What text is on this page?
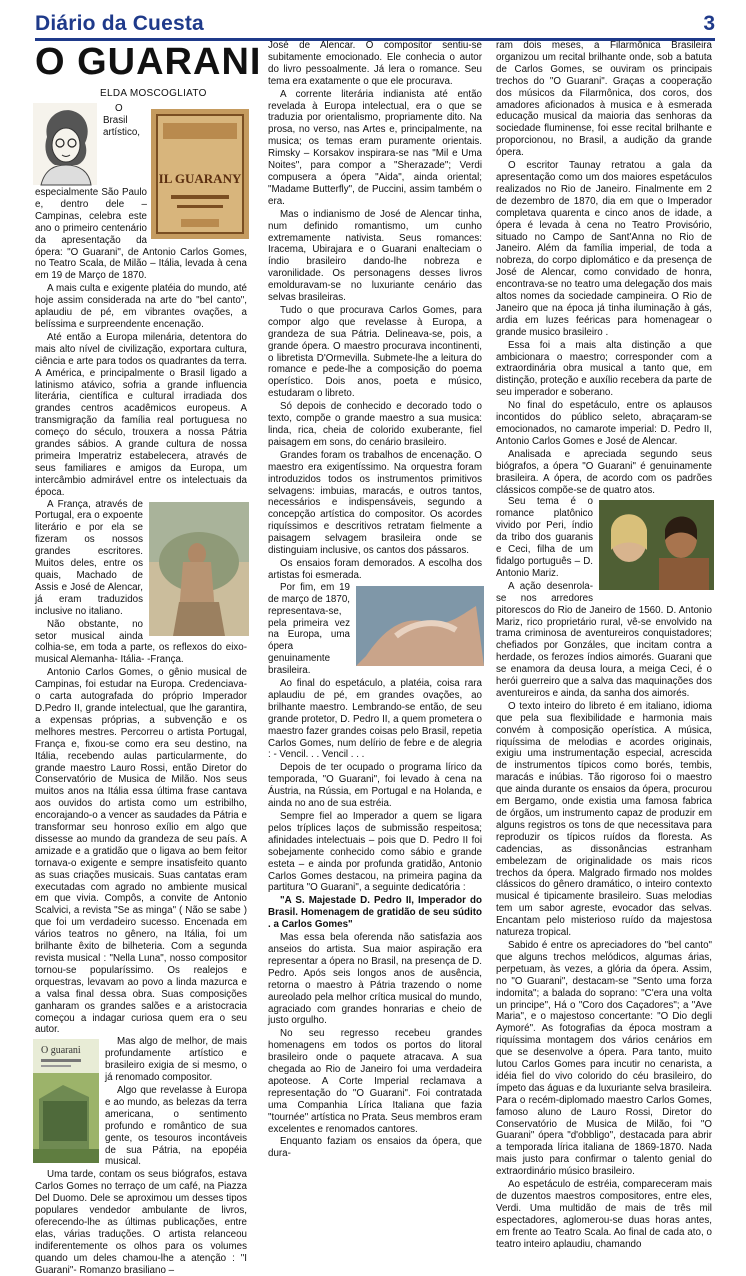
Diário da Cuesta	3
O GUARANI
ELDA MOSCOGLIATO
IL GUARANY

O Brasil artístico, especialmente São Paulo e, dentro dele – Campinas, celebra este ano o primeiro centenário da apresentação da ópera: "O Guarani", de Antonio Carlos Gomes, no Teatro Scala, de Milão – Itália, levada à cena em 19 de Março de 1870.

A mais culta e exigente platéia do mundo, até hoje assim considerada na arte do "bel canto", aplaudiu de pé, em vibrantes ovações, a belíssima e surpreendente encenação.

Até então a Europa milenária, detentora do mais alto nível de civilização, exportara cultura, ciência e arte para todos os quadrantes da terra. A América, e principalmente o Brasil ligado a latinismo atávico, sofria a grande influencia literária, científica e cultural irradiada dos grandes centros acadêmicos europeus. A transmigração da família real portuguesa no começo do século, trouxera a nossa Pátria grandes sábios. A grande cultura de nossa primeira Imperatriz estabelecera, através de seus familiares e amigos da Europa, um intercâmbio admirável entre os intelectuais da época.

A França, através de Portugal, era o expoente literário e por ela se fizeram os nossos grandes escritores. Muitos deles, entre os quais, Machado de Assis e José de Alencar, já eram traduzidos inclusive no italiano.

Não obstante, no setor musical ainda colhia-se, em toda a parte, os reflexos do eixo-musical Alemanha- Itália- -França.

Antonio Carlos Gomes, o gênio musical de Campinas, foi estudar na Europa. Credenciava-o carta autografada do próprio Imperador D.Pedro II, grande intelectual, que lhe garantira, a expensas próprias, a subvenção e os melhores mestres. Percorreu o artista Portugal, França e, fixou-se como era seu destino, na Itália, recebendo aulas particularmente, do grande maestro Lauro Rossi, então Diretor do Conservatório de Musica de Milão. Nos seus muitos anos na Itália essa última frase cantava aos ouvidos do artista como um estribilho, encorajando-o a vencer as saudades da Pátria e transformar seu honroso exílio em algo que dissesse ao mundo da grandeza de seu país. A amizade e a gratidão que o ligava ao bem feitor tornava-o exigente e sempre insatisfeito quanto as suas criações musicais. Suas cantatas eram executadas com agrado no ambiente musical em que vivia. Compôs, a convite de Antonio Scalvici, a revista "Se as minga" ( Não se sabe ) que foi um verdadeiro sucesso. Encenada em vários teatros no gênero, na Itália, foi um brilhante êxito de bilheteria. Com a segunda revista musical : "Nella Luna", nosso compositor tornou-se popularíssimo. Os realejos e orquestras, levavam ao povo a linda mazurca e a valsa final dessa obra. Suas composições ganharam os grandes salões e a aristocracia começou a indagar curiosa quem era o seu autor.

O guarani

Mas algo de melhor, de mais profundamente artístico e brasileiro exigia de si mesmo, o já renomado compositor.

Algo que revelasse à Europa e ao mundo, as belezas da terra americana, o sentimento profundo e romântico de sua gente, os tesouros incontáveis de sua Pátria, na epopéia musical.

Uma tarde, contam os seus biógrafos, estava Carlos Gomes no terraço de um café, na Piazza Del Duomo. Dele se aproximou um desses tipos populares vendedor ambulante de livros, oferecendo-lhe as últimas publicações, entre elas, várias traduções. O artista relanceou indiferentemente os olhos para os volumes quando um deles chamou-lhe a atenção : "I Guarani"- Romanzo brasiliano –

José de Alencar. O compositor sentiu-se subitamente emocionado. Ele conhecia o autor do livro pessoalmente. Já lera o romance. Seu tema era exatamente o que ele procurava.

A corrente literária indianista até então revelada à Europa intelectual, era o que se traduzia por orientalismo, propriamente dito. Na prosa, no verso, nas Artes e, principalmente, na musica; os temas eram puramente orientais. Rimsky – Korsakov inspirara-se nas "Mil e Uma Noites", para compor a "Sherazade"; Verdi compusera a ópera "Aida", ainda oriental; "Madame Butterfly", de Puccini, assim também o era.

Mas o indianismo de José de Alencar tinha, num definido romantismo, um cunho extremamente nativista. Seus romances: Iracema, Ubirajara e o Guarani enalteciam o índio brasileiro dando-lhe nobreza e varonilidade. Os personagens desses livros emolduravam-se no luxuriante cenário das selvas brasileiras.

Tudo o que procurava Carlos Gomes, para compor algo que revelasse à Europa, a grandeza de sua Pátria. Delineava-se, pois, a grande ópera. O maestro procurava incontinenti, o libretista D'Ormevilla. Submete-lhe a leitura do romance e pede-lhe a composição do poema operístico. Dois anos, poeta e músico, estudaram o libreto.

Só depois de conhecido e decorado todo o texto, compõe o grande maestro a sua musica: linda, rica, cheia de colorido exuberante, fiel paisagem em sons, do cenário brasileiro.

Grandes foram os trabalhos de encenação. O maestro era exigentíssimo. Na orquestra foram introduzidos todos os instrumentos primitivos selvagens: imbuias, maracás, e outros tantos, necessários e indispensáveis, segundo a concepção artística do compositor. Os acordes riquíssimos e descritivos retratam fielmente a paisagem selvagem brasileira onde se distinguiam inclusive, os cantos dos pássaros.

Os ensaios foram demorados. A escolha dos artistas foi esmerada.

Por fim, em 19 de março de 1870, representava-se, pela primeira vez na Europa, uma ópera genuinamente brasileira.

Ao final do espetáculo, a platéia, coisa rara aplaudiu de pé, em grandes ovações, ao brilhante maestro. Lembrando-se então, de seu grande protetor, D. Pedro II, a quem prometera o maestro fazer grandes coisas pelo Brasil, repetia Carlos Gomes, num delírio de febre e de alegria : - Vencil. . . Vencil . . .

Depois de ter ocupado o programa lírico da temporada, "O Guarani", foi levado à cena na Áustria, na Rússia, em Portugal e na Holanda, e ainda no ano de sua estréia.

Sempre fiel ao Imperador a quem se ligara pelos tríplices laços de submissão respeitosa; afinidades intelectuais – pois que D. Pedro II foi sobejamente conhecido como sábio e grande esteta – e ainda por profunda gratidão, Antonio Carlos Gomes destacou, na primeira pagina da partitura "O Guarani", a seguinte dedicatória :

"A S. Majestade D. Pedro II, Imperador do Brasil. Homenagem de gratidão de seu súdito . a Carlos Gomes"

Mas essa bela oferenda não satisfazia aos anseios do artista. Sua maior aspiração era representar a ópera no Brasil, na presença de D. Pedro. Após seis longos anos de ausência, retorna o maestro à Pátria trazendo o nome aureolado pela melhor crítica musical do mundo, agraciado com grandes honrarias e cheio de justo orgulho.

No seu regresso recebeu grandes homenagens em todos os portos do litoral brasileiro onde o paquete atracava. A sua chegada ao Rio de Janeiro foi uma verdadeira apoteose. A Corte Imperial reclamava a representação do "O Guarani". Foi contratada uma Companhia Lírica Italiana que fazia "tournée" artística no Prata. Seus membros eram excelentes e renomados cantores.

Enquanto faziam os ensaios da ópera, que dura-

ram dois meses, a Filarmônica Brasileira organizou um recital brilhante onde, sob a batuta de Carlos Gomes, se ouviram os principais trechos do "O Guarani". Graças a cooperação dos músicos da Filarmônica, dos coros, dos amadores aficionados à musica e à esmerada educação musical da maioria das senhoras da sociedade fluminense, foi esse recital brilhante e proporcionou, no Brasil, a audição da grande ópera.

O escritor Taunay retratou a gala da apresentação como um dos maiores espetáculos realizados no Rio de Janeiro. Finalmente em 2 de dezembro de 1870, dia em que o Imperador completava quarenta e cinco anos de idade, a ópera é levada à cena no Teatro Provisório, situado no Campo de Sant'Anna no Rio de Janeiro. Além da família imperial, de toda a nobreza, do corpo diplomático e da presença de José de Alencar, como convidado de honra, encontrava-se no teatro uma delegação dos mais altos nomes da sociedade campineira. O Rio de Janeiro que na época já tinha iluminação à gás, ardia em luzes feéricas para homenagear o grande musico brasileiro .

Essa foi a mais alta distinção a que ambicionara o maestro; corresponder com a extraordinária obra musical a tanto que, em distinção, proteção e auxílio recebera da parte de seu imperador e soberano.

No final do espetáculo, entre os aplausos incontidos do público seleto, abraçaram-se emocionados, no camarote imperial: D. Pedro II, Antonio Carlos Gomes e José de Alencar.

Analisada e apreciada segundo seus biógrafos, a ópera "O Guarani" é genuinamente brasileira. A ópera, de acordo com os padrões clássicos compõe-se de quatro atos.

Seu tema é o romance platônico vivido por Peri, índio da tribo dos guaranis e Ceci, filha de um fidalgo português – D. Antonio Mariz.

A ação desenrola-se nos arredores pitorescos do Rio de Janeiro de 1560. D. Antonio Mariz, rico proprietário rural, vê-se envolvido na trama criminosa de aventureiros conquistadores; chefiados por Gonzáles, que incitam contra a herdade, os ferozes índios aimorés. Guarani que se enamora da deusa loura, a meiga Ceci, é o herói guerreiro que a salva das maquinações dos aventureiros e ainda, da sanha dos aimorés.

O texto inteiro do libreto é em italiano, idioma que pela sua flexibilidade e harmonia mais convém à composição operística. A música, riquíssima de melodias e acordes originais, exigiu uma instrumentação especial, acrescida de instrumentos típicos como borés, tembis, maracás e inúbias. Tão rigoroso foi o maestro que ainda durante os ensaios da ópera, procurou em Bergamo, onde existia uma famosa fabrica de órgãos, um instrumento capaz de produzir em alguns registros os tons de que necessitava para reproduzir os típicos ruídos da floresta. As cadencias, as dissonâncias estranham embelezam de originalidade os mais ricos trechos da ópera. Malgrado firmado nos moldes clássicos do gênero dramático, o inteiro contexto musical é tipicamente brasileiro. Suas melodias tem um sabor agreste, evocador das selvas. Encantam pelo misterioso ruído da majestosa natureza tropical.

Sabido é entre os apreciadores do "bel canto" que alguns trechos melódicos, algumas árias, perpetuam, às vezes, a glória da ópera. Assim, no "O Guarani", destacam-se "Sento uma forza indomita"; a balada do soprano: "C'era una volta un principe", Há o "Coro dos Caçadores"; a "Ave Maria", e o majestoso concertante: "O Dio degli Aymoré". As fotografias da época mostram a riquíssima montagem dos vários cenários em que se desenvolve a ópera. Para tanto, muito lutou Carlos Gomes para incutir no cenarista, a idéia fiel do vivo colorido do céu brasileiro, do ímpeto das águas e da luxuriante selva brasileira. Para o recém-diplomado maestro Carlos Gomes, famoso aluno de Lauro Rossi, Diretor do Conservatório de Musica de Milão, foi "O Guarani" ópera "d'obbligo", destacada para abrir a temporada lírica italiana de 1869-1870. Nada mais justo para confirmar o talento genial do extraordinário músico brasileiro.

Ao espetáculo de estréia, compareceram mais de duzentos maestros compositores, entre eles, Verdi. Uma multidão de mais de três mil espectadores, aglomerou-se duas horas antes, em frente ao Teatro Scala. Ao final de cada ato, o teatro inteiro aplaudiu, chamando
